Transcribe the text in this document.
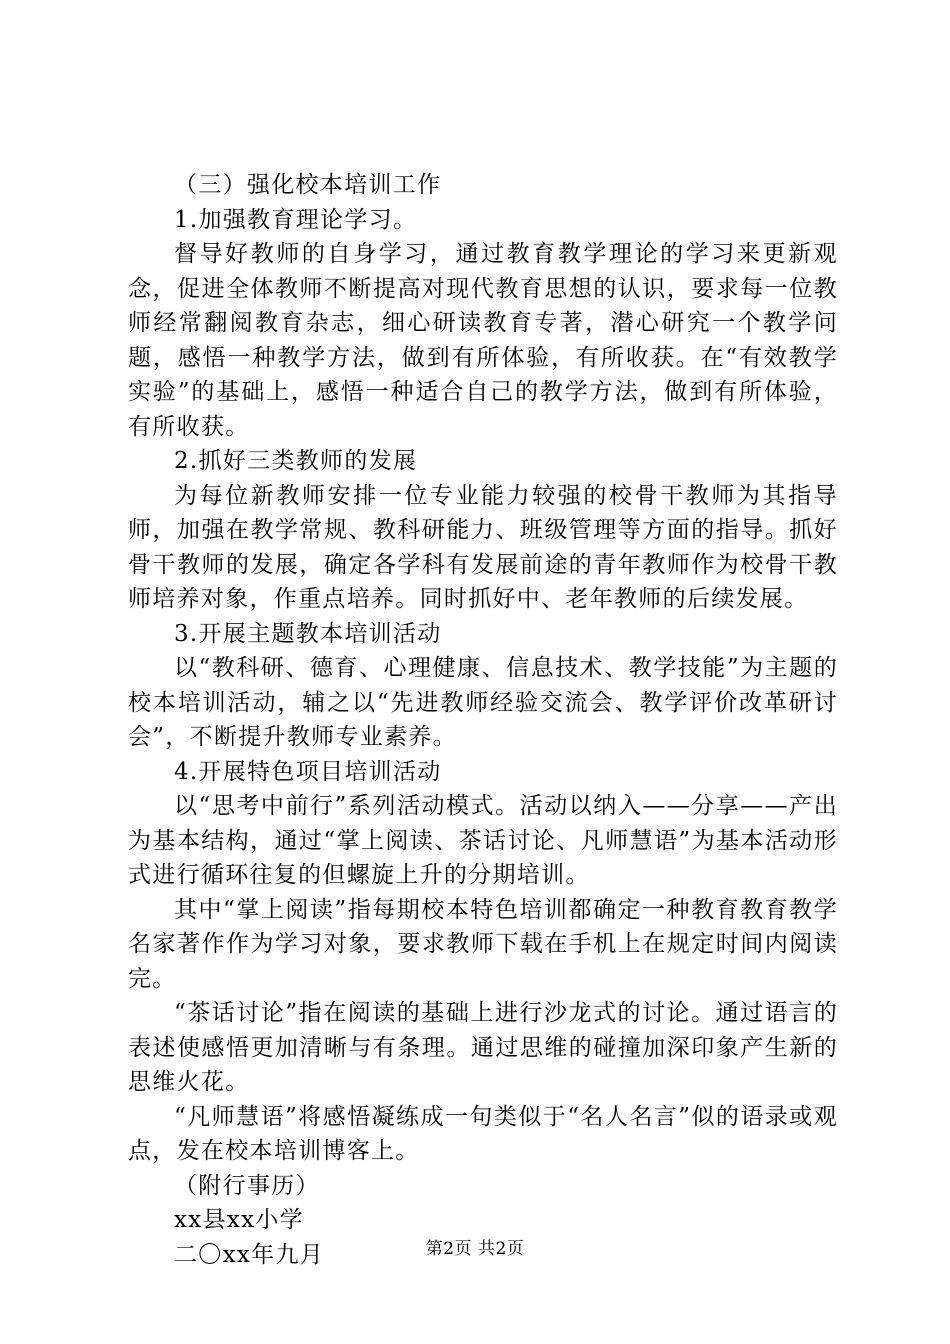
（三）强化校本培训工作

1.加强教育理论学习。

督导好教师的自身学习，通过教育教学理论的学习来更新观念，促进全体教师不断提高对现代教育思想的认识，要求每一位教师经常翻阅教育杂志，细心研读教育专著，潜心研究一个教学问题，感悟一种教学方法，做到有所体验，有所收获。在“有效教学实验”的基础上，感悟一种适合自己的教学方法，做到有所体验，有所收获。

2.抓好三类教师的发展

为每位新教师安排一位专业能力较强的校骨干教师为其指导师，加强在教学常规、教科研能力、班级管理等方面的指导。抓好骨干教师的发展，确定各学科有发展前途的青年教师作为校骨干教师培养对象，作重点培养。同时抓好中、老年教师的后续发展。

3.开展主题教本培训活动

以“教科研、德育、心理健康、信息技术、教学技能”为主题的校本培训活动，辅之以“先进教师经验交流会、教学评价改革研讨会”，不断提升教师专业素养。

4.开展特色项目培训活动

以“思考中前行”系列活动模式。活动以纳入——分享——产出为基本结构，通过“掌上阅读、茶话讨论、凡师慧语”为基本活动形式进行循环往复的但螺旋上升的分期培训。

其中“掌上阅读”指每期校本特色培训都确定一种教育教育教学名家著作作为学习对象，要求教师下载在手机上在规定时间内阅读完。

“茶话讨论”指在阅读的基础上进行沙龙式的讨论。通过语言的表述使感悟更加清晰与有条理。通过思维的碰撞加深印象产生新的思维火花。

“凡师慧语”将感悟凝练成一句类似于“名人名言”似的语录或观点，发在校本培训博客上。

（附行事历）

xx县xx小学

二〇xx年九月	第2页 共2页
